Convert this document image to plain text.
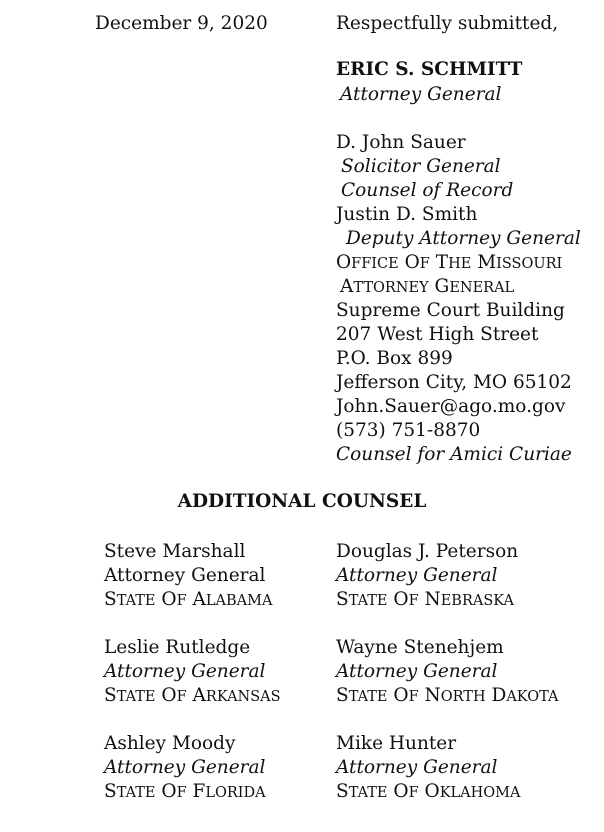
December 9, 2020	Respectfully submitted,
ERIC S. SCHMITT
Attorney General
D. John Sauer
Solicitor General
Counsel of Record
Justin D. Smith
Deputy Attorney General
OFFICE OF THE MISSOURI
ATTORNEY GENERAL
Supreme Court Building
207 West High Street
P.O. Box 899
Jefferson City, MO 65102
John.Sauer@ago.mo.gov
(573) 751-8870
Counsel for Amici Curiae
ADDITIONAL COUNSEL
Steve Marshall
Attorney General
STATE OF ALABAMA
Douglas J. Peterson
Attorney General
STATE OF NEBRASKA
Leslie Rutledge
Attorney General
STATE OF ARKANSAS
Wayne Stenehjem
Attorney General
STATE OF NORTH DAKOTA
Ashley Moody
Attorney General
STATE OF FLORIDA
Mike Hunter
Attorney General
STATE OF OKLAHOMA
